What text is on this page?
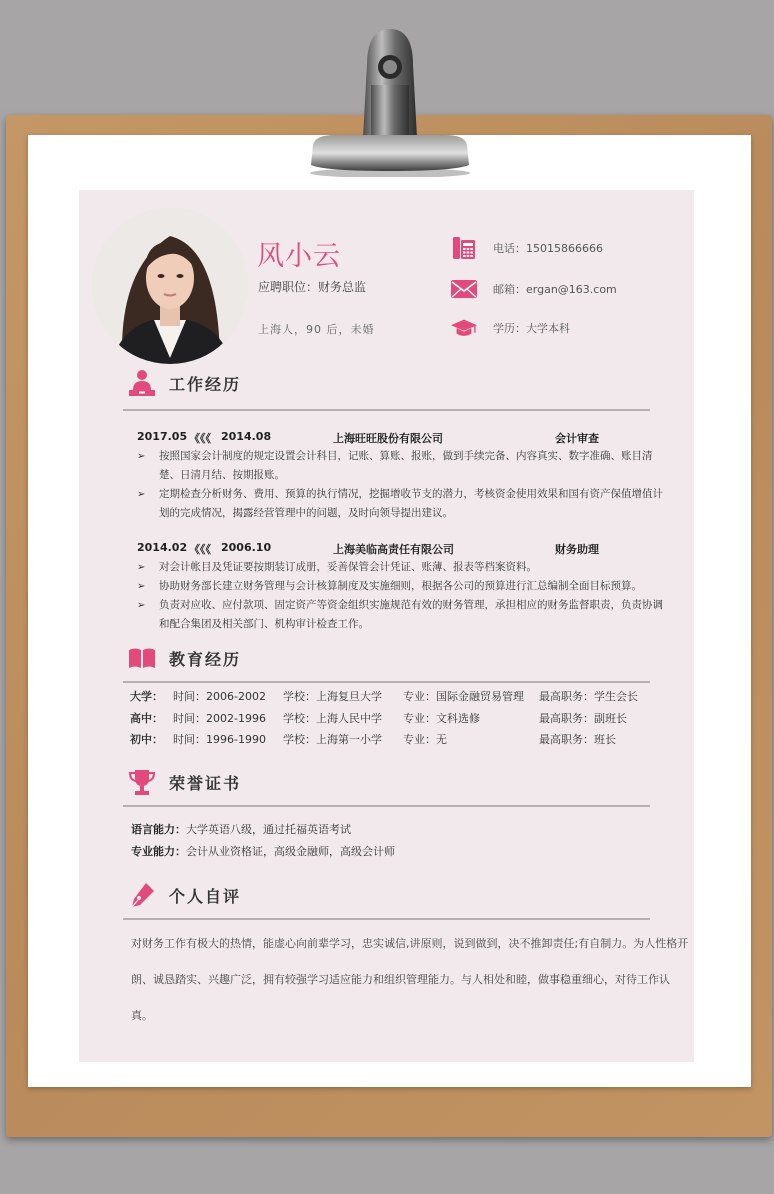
风小云
应聘职位：财务总监
上海人，90 后，未婚
电话：15015866666
邮箱：ergan@163.com
学历：大学本科
工作经历
2017.05 《《《 2014.08	上海旺旺股份有限公司	会计审查
➢ 按照国家会计制度的规定设置会计科目，记账、算账、报账，做到手续完备、内容真实、数字准确、账目清楚、日清月结、按期报账。
➢ 定期检查分析财务、费用、预算的执行情况，挖掘增收节支的潜力，考核资金使用效果和国有资产保值增值计划的完成情况，揭露经营管理中的问题，及时向领导提出建议。
2014.02 《《《 2006.10	上海美临高责任有限公司	财务助理
➢ 对会计帐目及凭证要按期装订成册，妥善保管会计凭证、账薄、报表等档案资料。
➢ 协助财务部长建立财务管理与会计核算制度及实施细则，根据各公司的预算进行汇总编制全面目标预算。
➢ 负责对应收、应付款项、固定资产等资金组织实施规范有效的财务管理，承担相应的财务监督职责，负责协调和配合集团及相关部门、机构审计检查工作。
教育经历
大学： 时间：2006-2002 学校：上海复旦大学 专业：国际金融贸易管理 最高职务：学生会长
高中： 时间：2002-1996 学校：上海人民中学 专业：文科选修	最高职务：副班长
初中： 时间：1996-1990 学校：上海第一小学 专业：无	最高职务：班长
荣誉证书
语言能力：大学英语八级，通过托福英语考试
专业能力：会计从业资格证，高级金融师，高级会计师
个人自评
对财务工作有极大的热情，能虚心向前辈学习，忠实诚信,讲原则，说到做到，决不推卸责任;有自制力。为人性格开朗、诚恳踏实、兴趣广泛，拥有较强学习适应能力和组织管理能力。与人相处和睦，做事稳重细心，对待工作认真。
